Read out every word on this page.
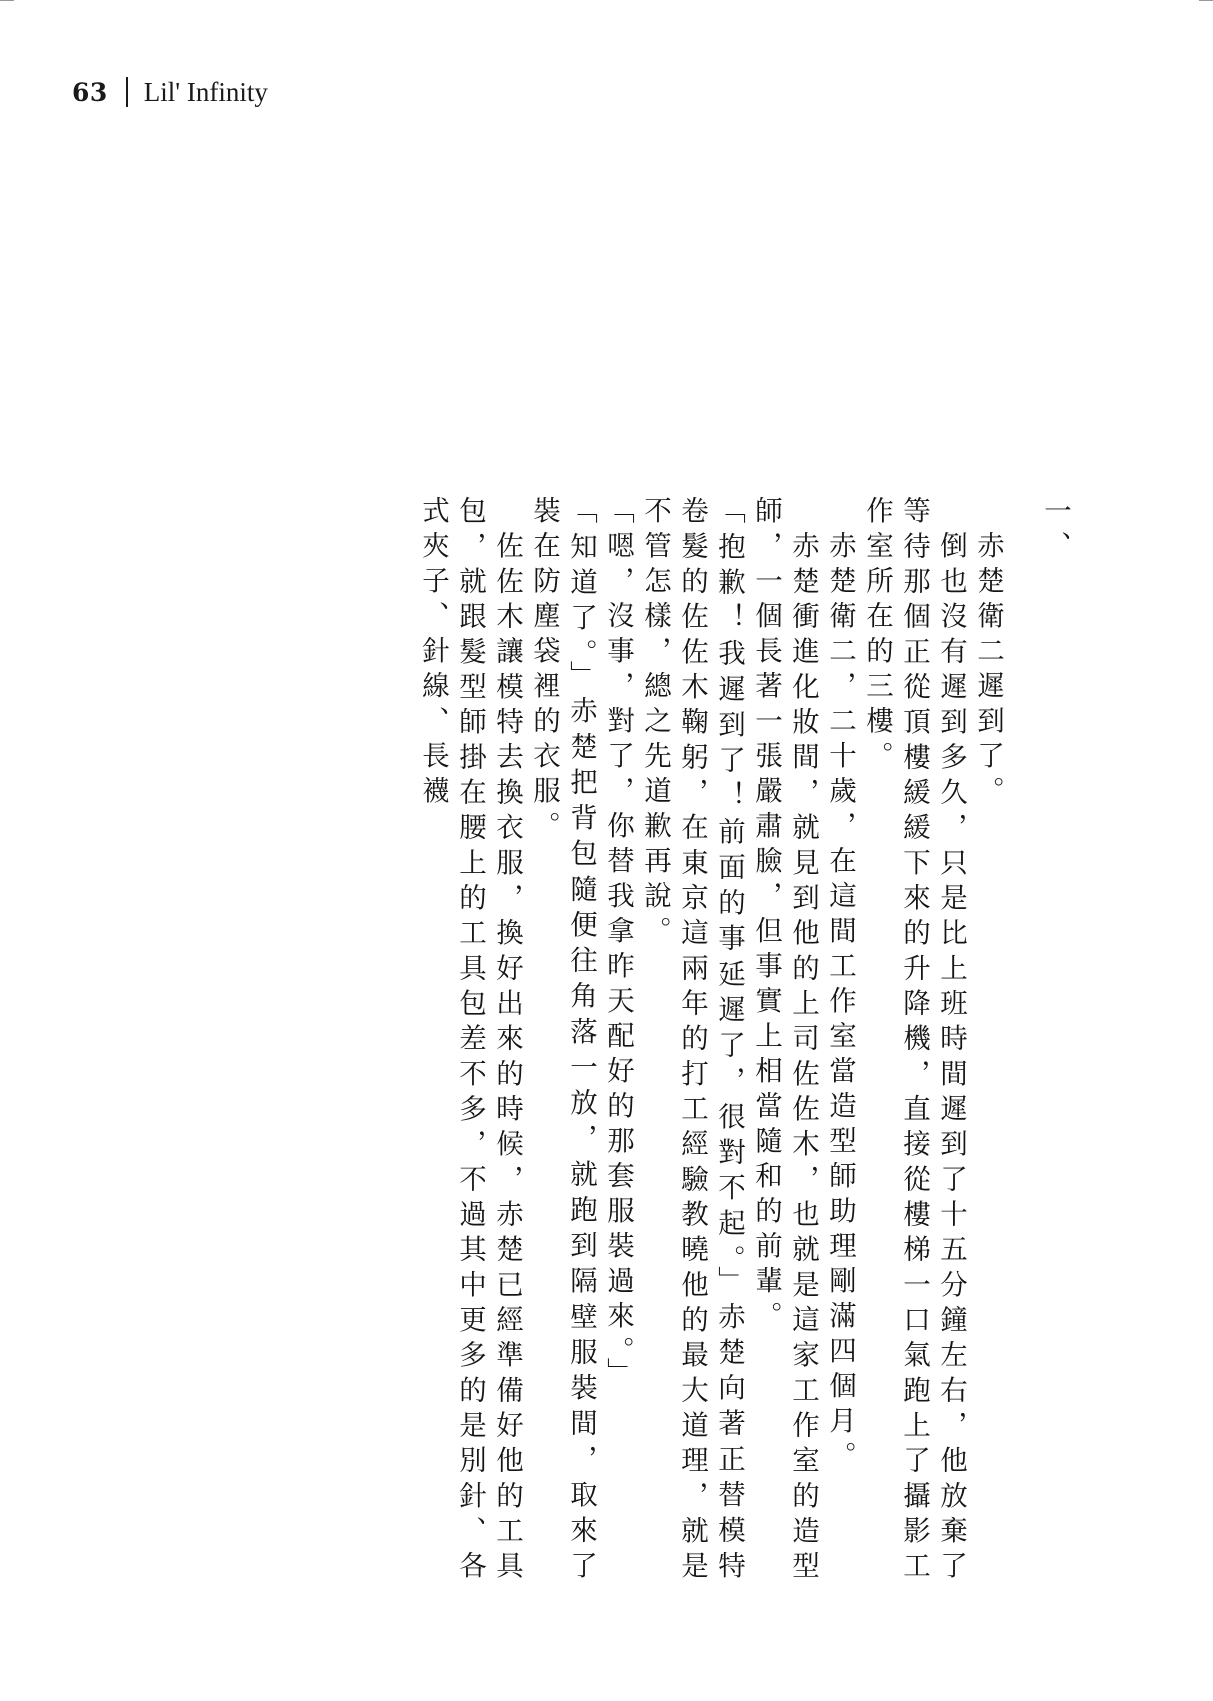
63 Lil' Infinity

一、

赤楚衛二遲到了。

倒也沒有遲到多久，只是比上班時間遲到了十五分鐘左右，他放棄了等待那個正從頂樓緩緩下來的升降機，直接從樓梯一口氣跑上了攝影工作室所在的三樓。

赤楚衛二，二十歲，在這間工作室當造型師助理剛滿四個月。

赤楚衝進化妝間，就見到他的上司佐佐木，也就是這家工作室的造型師，一個長著一張嚴肅臉，但事實上相當隨和的前輩。

「抱歉！我遲到了！前面的事延遲了，很對不起。」赤楚向著正替模特卷髮的佐佐木鞠躬，在東京這兩年的打工經驗教曉他的最大道理，就是不管怎樣，總之先道歉再說。

「嗯，沒事，對了，你替我拿昨天配好的那套服裝過來。」

「知道了。」赤楚把背包隨便往角落一放，就跑到隔壁服裝間，取來了裝在防塵袋裡的衣服。

佐佐木讓模特去換衣服，換好出來的時候，赤楚已經準備好他的工具包，就跟髮型師掛在腰上的工具包差不多，不過其中更多的是別針、各式夾子、針線、長襪
